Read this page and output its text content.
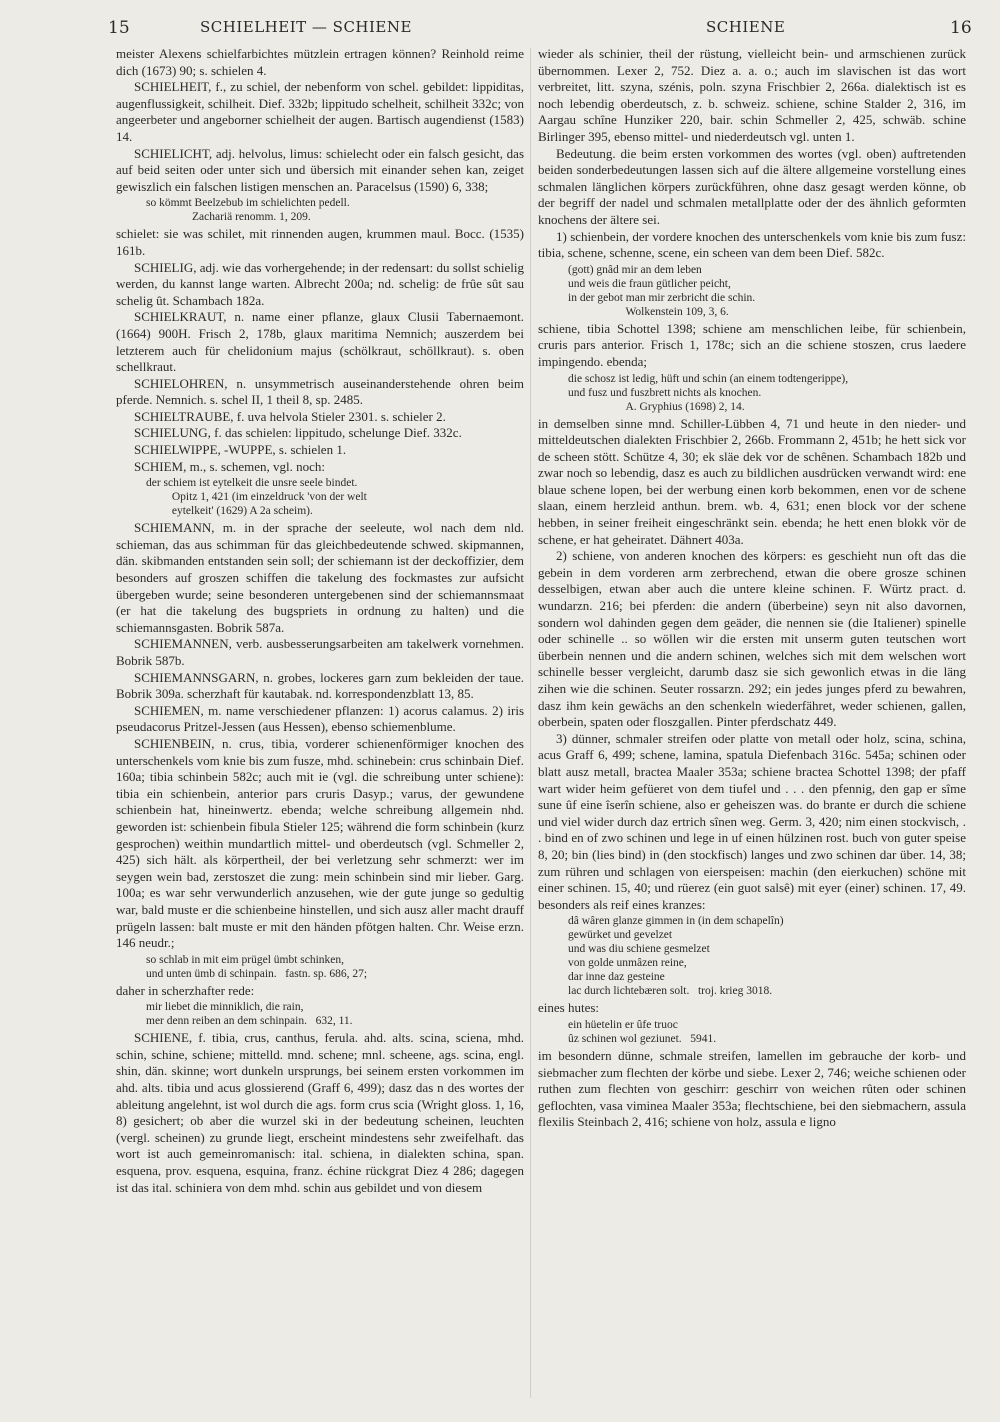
15	SCHIELHEIT — SCHIENE	SCHIENE	16

meister Alexens schielfarbichtes mützlein ertragen können? Reinhold reime dich (1673) 90; s. schielen 4.

SCHIELHEIT, f., zu schiel, der nebenform von schel. gebildet: lippiditas, augenflussigkeit, schilheit. Dief. 332b; lippitudo schelheit, schilheit 332c; von angeerbeter und angeborner schielheit der augen. Bartisch augendienst (1583) 14.

SCHIELICHT, adj. helvolus, limus: schielecht oder ein falsch gesicht, das auf beid seiten oder unter sich und übersich mit einander sehen kan, zeiget gewiszlich ein falschen listigen menschen an. Paracelsus (1590) 6, 338;

so kömmt Beelzebub im schielichten pedell.
Zachariä renomm. 1, 209.

schielet: sie was schilet, mit rinnenden augen, krummen maul. Bocc. (1535) 161b.

SCHIELIG, adj. wie das vorhergehende; in der redensart: du sollst schielig werden, du kannst lange warten. Albrecht 200a; nd. schelig: de frûe sût sau schelig ût. Schambach 182a.

SCHIELKRAUT, n. name einer pflanze, glaux Clusii Tabernaemont. (1664) 900H. Frisch 2, 178b, glaux maritima Nemnich; auszerdem bei letzterem auch für chelidonium majus (schölkraut, schöllkraut). s. oben schellkraut.

SCHIELOHREN, n. unsymmetrisch auseinanderstehende ohren beim pferde. Nemnich. s. schel II, 1 theil 8, sp. 2485.

SCHIELTRAUBE, f. uva helvola Stieler 2301. s. schieler 2.

SCHIELUNG, f. das schielen: lippitudo, schelunge Dief. 332c.

SCHIELWIPPE, -WUPPE, s. schielen 1.

SCHIEM, m., s. schemen, vgl. noch:

der schiem ist eytelkeit die unsre seele bindet.
Opitz 1, 421 (im einzeldruck 'von der welt
eytelkeit' (1629) A 2a scheim).

SCHIEMANN, m. in der sprache der seeleute, wol nach dem nld. schieman, das aus schimman für das gleichbedeutende schwed. skipmannen, dän. skibmanden entstanden sein soll; der schiemann ist der deckoffizier, dem besonders auf groszen schiffen die takelung des fockmastes zur aufsicht übergeben wurde; seine besonderen untergebenen sind der schiemannsmaat (er hat die takelung des bugspriets in ordnung zu halten) und die schiemannsgasten. Bobrik 587a.

SCHIEMANNEN, verb. ausbesserungsarbeiten am takelwerk vornehmen. Bobrik 587b.

SCHIEMANNSGARN, n. grobes, lockeres garn zum bekleiden der taue. Bobrik 309a. scherzhaft für kautabak. nd. korrespondenzblatt 13, 85.

SCHIEMEN, m. name verschiedener pflanzen: 1) acorus calamus. 2) iris pseudacorus Pritzel-Jessen (aus Hessen), ebenso schiemenblume.

SCHIENBEIN, n. crus, tibia, vorderer schienenförmiger knochen des unterschenkels vom knie bis zum fusze, mhd. schinebein: crus schinbain Dief. 160a; tibia schinbein 582c; auch mit ie (vgl. die schreibung unter schiene): tibia ein schienbein, anterior pars cruris Dasyp.; varus, der gewundene schienbein hat, hineinwertz. ebenda; welche schreibung allgemein nhd. geworden ist: schienbein fibula Stieler 125; während die form schinbein (kurz gesprochen) weithin mundartlich mittel- und oberdeutsch (vgl. Schmeller 2, 425) sich hält. als körpertheil, der bei verletzung sehr schmerzt: wer im seygen wein bad, zerstoszet die zung: mein schinbein sind mir lieber. Garg. 100a; es war sehr verwunderlich anzusehen, wie der gute junge so gedultig war, bald muste er die schienbeine hinstellen, und sich ausz aller macht drauff prügeln lassen: balt muste er mit den händen pfötgen halten. Chr. Weise erzn. 146 neudr.;

so schlab in mit eim prügel ümbt schinken,
und unten ümb di schinpain.   fastn. sp. 686, 27;

daher in scherzhafter rede:

mir liebet die minniklich, die rain,
mer denn reiben an dem schinpain.   632, 11.

SCHIENE, f. tibia, crus, canthus, ferula. ahd. alts. scina, sciena, mhd. schin, schine, schiene; mittelld. mnd. schene; mnl. scheene, ags. scina, engl. shin, dän. skinne; wort dunkeln ursprungs, bei seinem ersten vorkommen im ahd. alts. tibia und acus glossierend (Graff 6, 499); dasz das n des wortes der ableitung angelehnt, ist wol durch die ags. form crus scia (Wright gloss. 1, 16, 8) gesichert; ob aber die wurzel ski in der bedeutung scheinen, leuchten (vergl. scheinen) zu grunde liegt, erscheint mindestens sehr zweifelhaft. das wort ist auch gemeinromanisch: ital. schiena, in dialekten schina, span. esquena, prov. esquena, esquina, franz. échine rückgrat Diez 4 286; dagegen ist das ital. schiniera von dem mhd. schin aus gebildet und von diesem

wieder als schinier, theil der rüstung, vielleicht bein- und armschienen zurück übernommen. Lexer 2, 752. Diez a. a. o.; auch im slavischen ist das wort verbreitet, litt. szyna, szénis, poln. szyna Frischbier 2, 266a. dialektisch ist es noch lebendig oberdeutsch, z. b. schweiz. schiene, schine Stalder 2, 316, im Aargau schîne Hunziker 220, bair. schin Schmeller 2, 425, schwäb. schine Birlinger 395, ebenso mittel- und niederdeutsch vgl. unten 1.

Bedeutung. die beim ersten vorkommen des wortes (vgl. oben) auftretenden beiden sonderbedeutungen lassen sich auf die ältere allgemeine vorstellung eines schmalen länglichen körpers zurückführen, ohne dasz gesagt werden könne, ob der begriff der nadel und schmalen metallplatte oder der des ähnlich geformten knochens der ältere sei.

1) schienbein, der vordere knochen des unterschenkels vom knie bis zum fusz: tibia, schene, schenne, scene, ein scheen van dem been Dief. 582c.

(gott) gnâd mir an dem leben
und weis die fraun gütlicher peicht,
in der gebot man mir zerbricht die schin.
Wolkenstein 109, 3, 6.

schiene, tibia Schottel 1398; schiene am menschlichen leibe, für schienbein, cruris pars anterior. Frisch 1, 178c; sich an die schiene stoszen, crus laedere impingendo. ebenda;

die schosz ist ledig, hüft und schin (an einem todtengerippe),
und fusz und fuszbrett nichts als knochen.
A. Gryphius (1698) 2, 14.

in demselben sinne mnd. Schiller-Lübben 4, 71 und heute in den nieder- und mitteldeutschen dialekten Frischbier 2, 266b. Frommann 2, 451b; he hett sick vor de scheen stött. Schütze 4, 30; ek släe dek vor de schênen. Schambach 182b und zwar noch so lebendig, dasz es auch zu bildlichen ausdrücken verwandt wird: ene blaue schene lopen, bei der werbung einen korb bekommen, enen vor de schene slaan, einem herzleid anthun. brem. wb. 4, 631; enen block vor der schene hebben, in seiner freiheit eingeschränkt sein. ebenda; he hett enen blokk vör de schene, er hat geheiratet. Dähnert 403a.

2) schiene, von anderen knochen des körpers: es geschieht nun oft das die gebein in dem vorderen arm zerbrechend, etwan die obere grosze schinen desselbigen, etwan aber auch die untere kleine schinen. F. Würtz pract. d. wundarzn. 216; bei pferden: die andern (überbeine) seyn nit also davornen, sondern wol dahinden gegen dem geäder, die nennen sie (die Italiener) spinelle oder schinelle .. so wöllen wir die ersten mit unserm guten teutschen wort überbein nennen und die andern schinen, welches sich mit dem welschen wort schinelle besser vergleicht, darumb dasz sie sich gewonlich etwas in die läng zihen wie die schinen. Seuter rossarzn. 292; ein jedes junges pferd zu bewahren, dasz ihm kein gewächs an den schenkeln wiederfähret, weder schienen, gallen, oberbein, spaten oder floszgallen. Pinter pferdschatz 449.

3) dünner, schmaler streifen oder platte von metall oder holz, scina, schina, acus Graff 6, 499; schene, lamina, spatula Diefenbach 316c. 545a; schinen oder blatt ausz metall, bractea Maaler 353a; schiene bractea Schottel 1398; der pfaff wart wider heim gefüeret von dem tiufel und . . . den pfennig, den gap er sîme sune ûf eine îserîn schiene, also er geheiszen was. do brante er durch die schiene und viel wider durch daz ertrich sînen weg. Germ. 3, 420; nim einen stockvisch, . . bind en of zwo schinen und lege in uf einen hülzinen rost. buch von guter speise 8, 20; bin (lies bind) in (den stockfisch) langes und zwo schinen dar über. 14, 38; zum rühren und schlagen von eierspeisen: machin (den eierkuchen) schöne mit einer schinen. 15, 40; und rüerez (ein guot salsê) mit eyer (einer) schinen. 17, 49. besonders als reif eines kranzes:

dâ wâren glanze gimmen in (in dem schapelîn)
gewürket und gevelzet
und was diu schiene gesmelzet
von golde unmâzen reine,
dar inne daz gesteine
lac durch lichtebæren solt.   troj. krieg 3018.

eines hutes:

ein hüetelin er ûfe truoc
ûz schinen wol geziunet.   5941.

im besondern dünne, schmale streifen, lamellen im gebrauche der korb- und siebmacher zum flechten der körbe und siebe. Lexer 2, 746; weiche schienen oder ruthen zum flechten von geschirr: geschirr von weichen rûten oder schinen geflochten, vasa viminea Maaler 353a; flechtschiene, bei den siebmachern, assula flexilis Steinbach 2, 416; schiene von holz, assula e ligno
